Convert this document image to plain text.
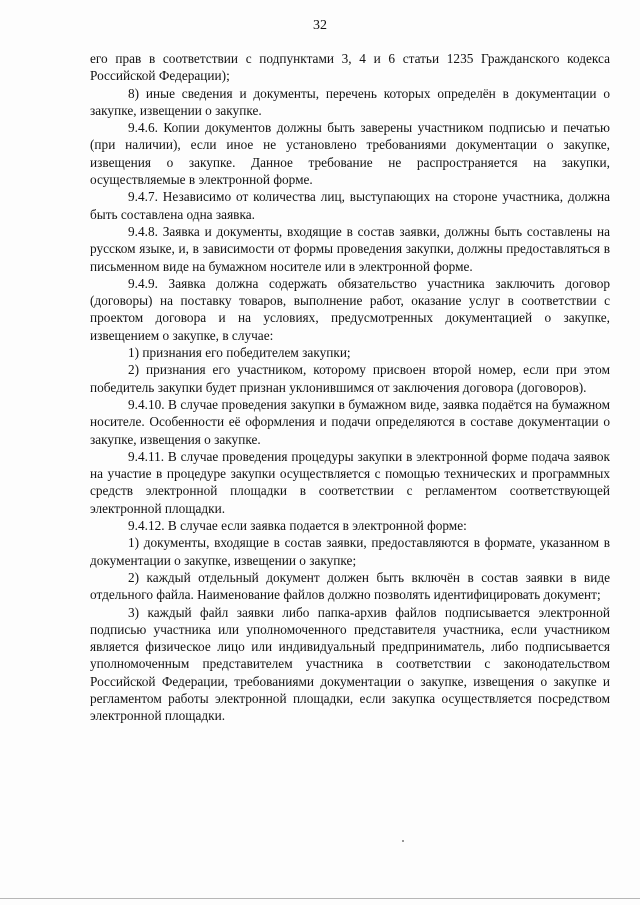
32

его прав в соответствии с подпунктами 3, 4 и 6 статьи 1235 Гражданского кодекса Российской Федерации);

8) иные сведения и документы, перечень которых определён в документации о закупке, извещении о закупке.

9.4.6. Копии документов должны быть заверены участником подписью и печатью (при наличии), если иное не установлено требованиями документации о закупке, извещения о закупке. Данное требование не распространяется на закупки, осуществляемые в электронной форме.

9.4.7. Независимо от количества лиц, выступающих на стороне участника, должна быть составлена одна заявка.

9.4.8. Заявка и документы, входящие в состав заявки, должны быть составлены на русском языке, и, в зависимости от формы проведения закупки, должны предоставляться в письменном виде на бумажном носителе или в электронной форме.

9.4.9. Заявка должна содержать обязательство участника заключить договор (договоры) на поставку товаров, выполнение работ, оказание услуг в соответствии с проектом договора и на условиях, предусмотренных документацией о закупке, извещением о закупке, в случае:

1) признания его победителем закупки;

2) признания его участником, которому присвоен второй номер, если при этом победитель закупки будет признан уклонившимся от заключения договора (договоров).

9.4.10. В случае проведения закупки в бумажном виде, заявка подаётся на бумажном носителе. Особенности её оформления и подачи определяются в составе документации о закупке, извещения о закупке.

9.4.11. В случае проведения процедуры закупки в электронной форме подача заявок на участие в процедуре закупки осуществляется с помощью технических и программных средств электронной площадки в соответствии с регламентом соответствующей электронной площадки.

9.4.12. В случае если заявка подается в электронной форме:

1) документы, входящие в состав заявки, предоставляются в формате, указанном в документации о закупке, извещении о закупке;

2) каждый отдельный документ должен быть включён в состав заявки в виде отдельного файла. Наименование файлов должно позволять идентифицировать документ;

3) каждый файл заявки либо папка-архив файлов подписывается электронной подписью участника или уполномоченного представителя участника, если участником является физическое лицо или индивидуальный предприниматель, либо подписывается уполномоченным представителем участника в соответствии с законодательством Российской Федерации, требованиями документации о закупке, извещения о закупке и регламентом работы электронной площадки, если закупка осуществляется посредством электронной площадки.
